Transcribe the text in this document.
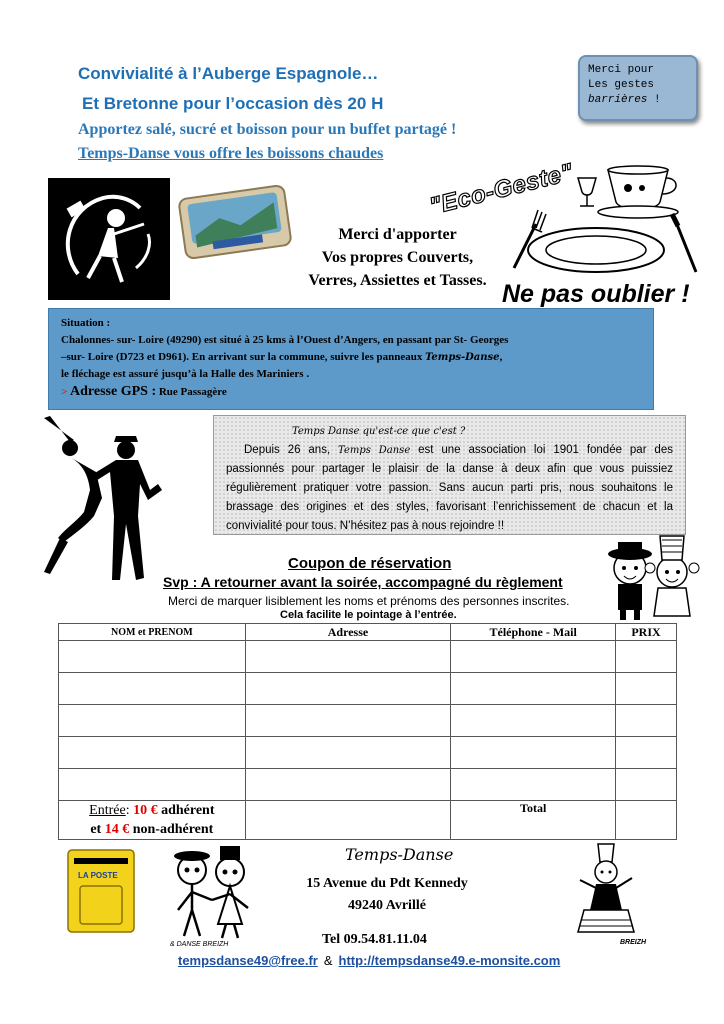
Convivialité à l’Auberge Espagnole…
Et Bretonne pour l’occasion dès 20 H
Apportez salé, sucré et boisson pour un buffet partagé !
Temps-Danse vous offre les boissons chaudes
Merci pour
Les gestes
barrières !
Merci d'apporter
Vos propres Couverts,
Verres, Assiettes et Tasses.
"Eco-Geste"
Ne pas oublier !
Situation :
Chalonnes- sur- Loire (49290) est situé à 25 kms à l’Ouest d’Angers, en passant par St- Georges
–sur- Loire (D723 et D961). En arrivant sur la commune, suivre les panneaux Temps-Danse,
le fléchage est assuré jusqu’à la Halle des Mariniers .
> Adresse GPS : Rue Passagère
Temps Danse qu'est-ce que c'est ?
Depuis 26 ans, Temps Danse est une association loi 1901 fondée par des passionnés pour partager le plaisir de la danse à deux afin que vous puissiez régulièrement pratiquer votre passion. Sans aucun parti pris, nous souhaitons le brassage des origines et des styles, favorisant l’enrichissement de chacun et la convivialité pour tous. N’hésitez pas à nous rejoindre !!
Coupon de réservation
Svp : A retourner avant la soirée, accompagné du règlement
Merci de marquer lisiblement les noms et prénoms des personnes inscrites.
Cela facilite le pointage à l’entrée.
NOM et PRENOM	Adresse	Téléphone - Mail	PRIX

Entrée: 10 € adhérent
et 14 € non-adhérent		Total	
LA POSTE
& DANSE BREIZH
Temps-Danse
15 Avenue du Pdt Kennedy
49240 Avrillé
Tel 09.54.81.11.04
tempsdanse49@free.fr & http://tempsdanse49.e-monsite.com
BREIZH
